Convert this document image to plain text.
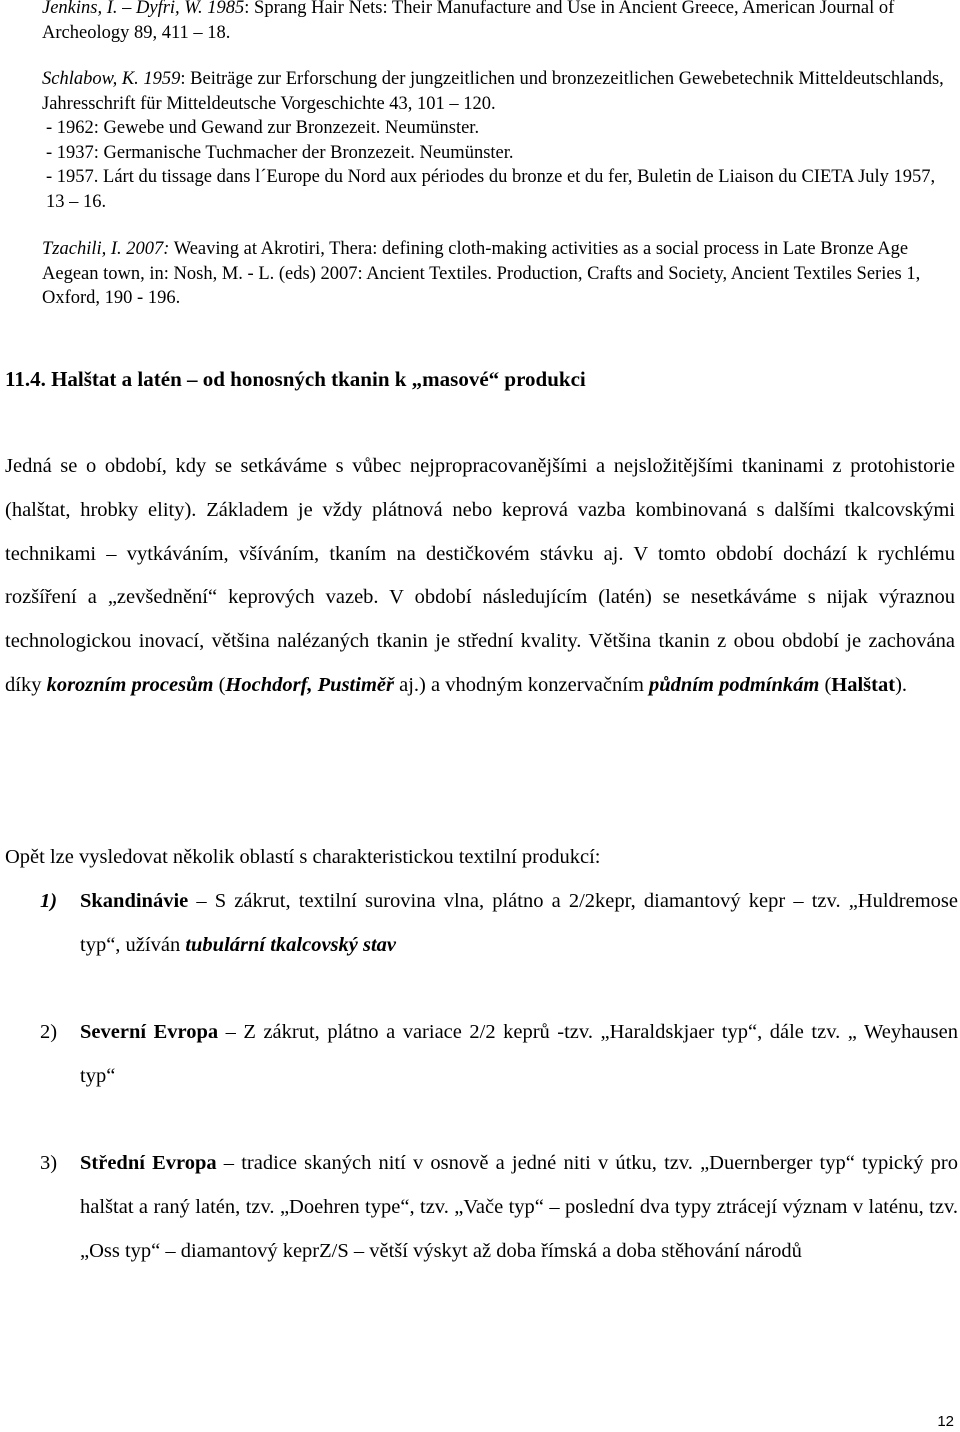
Jenkins, I. – Dyfri, W. 1985: Sprang Hair Nets: Their Manufacture and Use in Ancient Greece, American Journal of Archeology 89, 411 – 18.
Schlabow, K. 1959: Beiträge zur Erforschung der jungzeitlichen und bronzezeitlichen Gewebetechnik Mitteldeutschlands, Jahresschrift für Mitteldeutsche Vorgeschichte 43, 101 – 120.
- 1962: Gewebe und Gewand zur Bronzezeit. Neumünster.
- 1937: Germanische Tuchmacher der Bronzezeit. Neumünster.
- 1957. Lárt du tissage dans l´Europe du Nord aux périodes du bronze et du fer, Buletin de Liaison du CIETA July 1957, 13 – 16.
Tzachili, I. 2007: Weaving at Akrotiri, Thera: defining cloth-making activities as a social process in Late Bronze Age Aegean town, in: Nosh, M. - L. (eds) 2007: Ancient Textiles. Production, Crafts and Society, Ancient Textiles Series 1, Oxford, 190 - 196.
11.4. Halštat a latén – od honosných tkanin k „masové“ produkci
Jedná se o období, kdy se setkáváme s vůbec nejpropracovanějšími a nejsložitějšími tkaninami z protohistorie (halštat, hrobky elity). Základem je vždy plátnová nebo keprová vazba kombinovaná s dalšími tkalcovskými technikami – vytkáváním, všíváním, tkaním na destičkovém stávku aj. V tomto období dochází k rychlému rozšíření a „zevšednění“ keprových vazeb. V období následujícím (latén) se nesetkáváme s nijak výraznou technologickou inovací, většina nalézaných tkanin je střední kvality. Většina tkanin z obou období je zachována díky korozním procesům (Hochdorf, Pustiměř aj.) a vhodným konzervačním půdním podmínkám (Halštat).
Opět lze vysledovat několik oblastí s charakteristickou textilní produkcí:
1) Skandinávie – S zákrut, textilní surovina vlna, plátno a 2/2kepr, diamantový kepr – tzv. „Huldremose typ“, užíván tubulární tkalcovský stav
2) Severní Evropa – Z zákrut, plátno a variace 2/2 keprů -tzv. „Haraldskjaer typ“, dále tzv. „ Weyhausen typ“
3) Střední Evropa – tradice skaných nití v osnově a jedné niti v útku, tzv. „Duernberger typ“ typický pro halštat a raný latén, tzv. „Doehren type“, tzv. „Vače typ“ – poslední dva typy ztrácejí význam v laténu, tzv. „Oss typ“ – diamantový keprZ/S – větší výskyt až doba římská a doba stěhování národů
12
